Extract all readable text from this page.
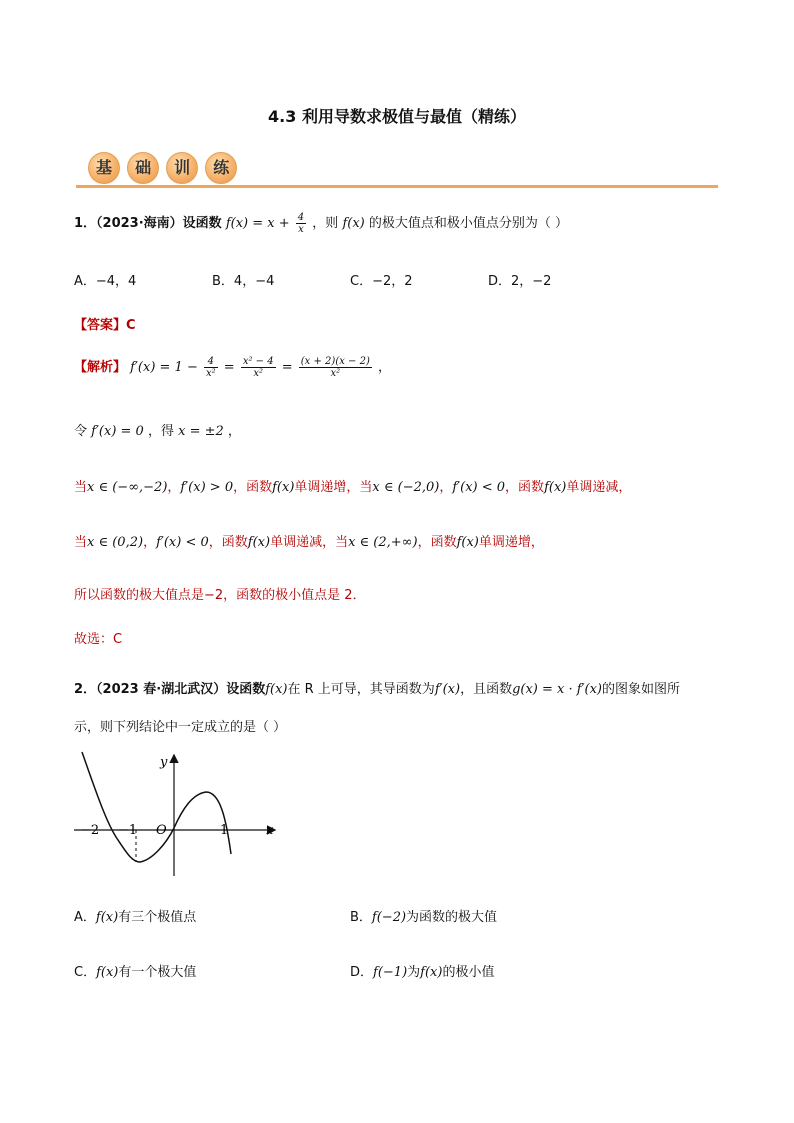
4.3 利用导数求极值与最值（精练）
基 础 训 练
1．（2023·海南）设函数 $f(x) = x + \frac{4}{x}$ ，则 f(x) 的极大值点和极小值点分别为（ ）
A．−4，4	B．4，−4	C．−2，2	D．2，−2
【答案】C
【解析】 $f'(x) = 1 - \frac{4}{\text{x²}} = \frac{\text{x² − 4}}{\text{x²}} = \frac{(x + 2)(x - 2)}{\text{x²}}$ ，
令 f′(x) = 0 ，得 x = ±2 ，
当x ∈ (−∞,−2)，f′(x) > 0，函数f(x)单调递增，当x ∈ (−2,0)，f′(x) < 0，函数f(x)单调递减，
当x ∈ (0,2)，f′(x) < 0，函数f(x)单调递减，当x ∈ (2,+∞)，函数f(x)单调递增，
所以函数的极大值点是−2，函数的极小值点是 2．
故选：C
2．（2023 春·湖北武汉）设函数f(x)在 R 上可导，其导函数为f′(x)，且函数g(x) = x · f′(x)的图象如图所
示，则下列结论中一定成立的是（ ）
y
x
O
−2 −1	1
A．f(x)有三个极值点	B．f(−2)为函数的极大值
C．f(x)有一个极大值	D．f(−1)为f(x)的极小值
